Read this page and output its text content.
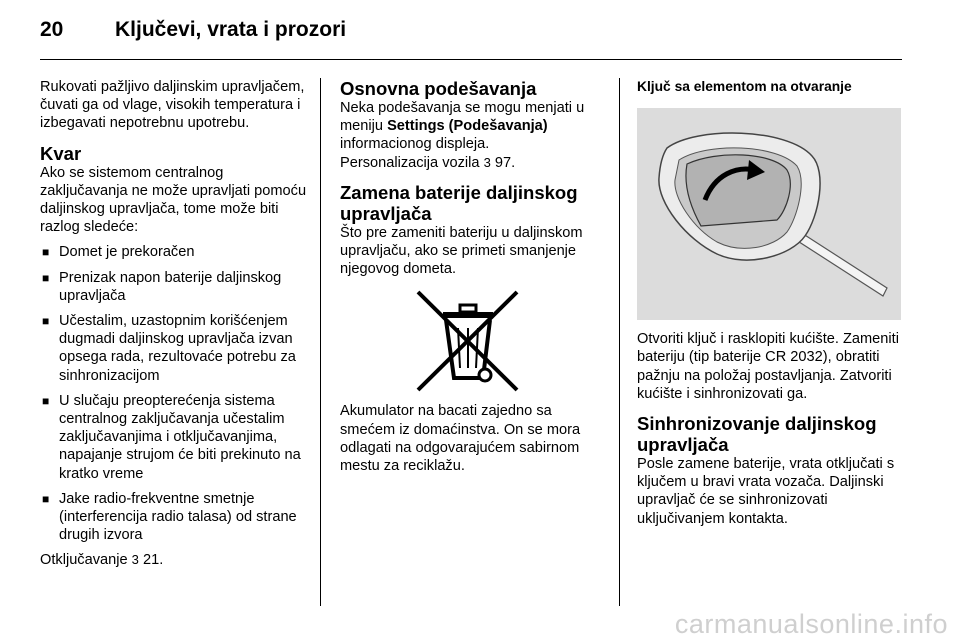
20 Ključevi, vrata i prozori

Rukovati pažljivo daljinskim upravljačem, čuvati ga od vlage, visokih temperatura i izbegavati nepotrebnu upotrebu.

Kvar

Ako se sistemom centralnog zaključavanja ne može upravljati pomoću daljinskog upravljača, tome može biti razlog sledeće:

■ Domet je prekoračen
■ Prenizak napon baterije daljinskog upravljača
■ Učestalim, uzastopnim korišćenjem dugmadi daljinskog upravljača izvan opsega rada, rezultovaće potrebu za sinhronizacijom
■ U slučaju preopterećenja sistema centralnog zaključavanja učestalim zaključavanjima i otključavanjima, napajanje strujom će biti prekinuto na kratko vreme
■ Jake radio-frekventne smetnje (interferencija radio talasa) od strane drugih izvora

Otključavanje 3 21.

Osnovna podešavanja

Neka podešavanja se mogu menjati u meniju Settings (Podešavanja) informacionog displeja.

Personalizacija vozila 3 97.

Zamena baterije daljinskog upravljača

Što pre zameniti bateriju u daljinskom upravljaču, ako se primeti smanjenje njegovog dometa.

Akumulator na bacati zajedno sa smećem iz domaćinstva. On se mora odlagati na odgovarajućem sabirnom mestu za reciklažu.

Ključ sa elementom na otvaranje

Otvoriti ključ i rasklopiti kućište. Zameniti bateriju (tip baterije CR 2032), obratiti pažnju na položaj postavljanja. Zatvoriti kućište i sinhronizovati ga.

Sinhronizovanje daljinskog upravljača

Posle zamene baterije, vrata otključati s ključem u bravi vrata vozača. Daljinski upravljač će se sinhronizovati uključivanjem kontakta.

carmanualsonline.info
